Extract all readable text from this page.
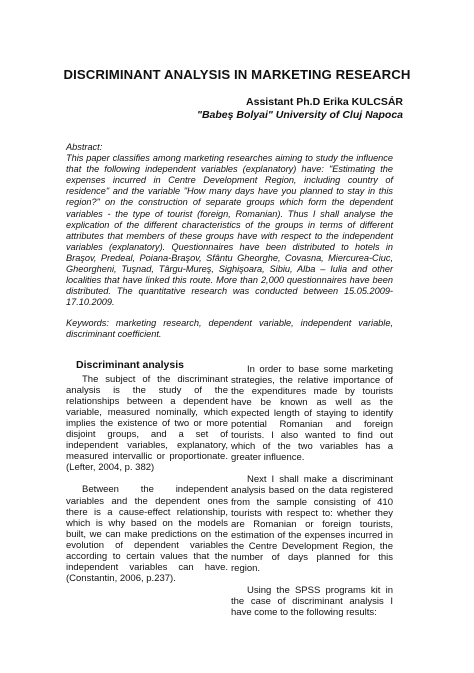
DISCRIMINANT ANALYSIS IN MARKETING RESEARCH
Assistant Ph.D Erika KULCSÁR
"Babeş Bolyai" University of Cluj Napoca
Abstract:
This paper classifies among marketing researches aiming to study the influence that the following independent variables (explanatory) have: "Estimating the expenses incurred in Centre Development Region, including country of residence" and the variable "How many days have you planned to stay in this region?" on the construction of separate groups which form the dependent variables - the type of tourist (foreign, Romanian). Thus I shall analyse the explication of the different characteristics of the groups in terms of different attributes that members of these groups have with respect to the independent variables (explanatory). Questionnaires have been distributed to hotels in Braşov, Predeal, Poiana-Braşov, Sfântu Gheorghe, Covasna, Miercurea-Ciuc, Gheorgheni, Tuşnad, Târgu-Mureş, Sighişoara, Sibiu, Alba – Iulia and other localities that have linked this route. More than 2,000 questionnaires have been distributed. The quantitative research was conducted between 15.05.2009-17.10.2009.
Keywords: marketing research, dependent variable, independent variable, discriminant coefficient.
Discriminant analysis

The subject of the discriminant analysis is the study of the relationships between a dependent variable, measured nominally, which implies the existence of two or more disjoint groups, and a set of independent variables, explanatory, measured intervallic or proportionate. (Lefter, 2004, p. 382)

Between the independent variables and the dependent ones there is a cause-effect relationship, which is why based on the models built, we can make predictions on the evolution of dependent variables according to certain values that the independent variables can have. (Constantin, 2006, p.237).

In order to base some marketing strategies, the relative importance of the expenditures made by tourists have be known as well as the expected length of staying to identify potential Romanian and foreign tourists. I also wanted to find out which of the two variables has a greater influence.

Next I shall make a discriminant analysis based on the data registered from the sample consisting of 410 tourists with respect to: whether they are Romanian or foreign tourists, estimation of the expenses incurred in the Centre Development Region, the number of days planned for this region.

Using the SPSS programs kit in the case of discriminant analysis I have come to the following results:
